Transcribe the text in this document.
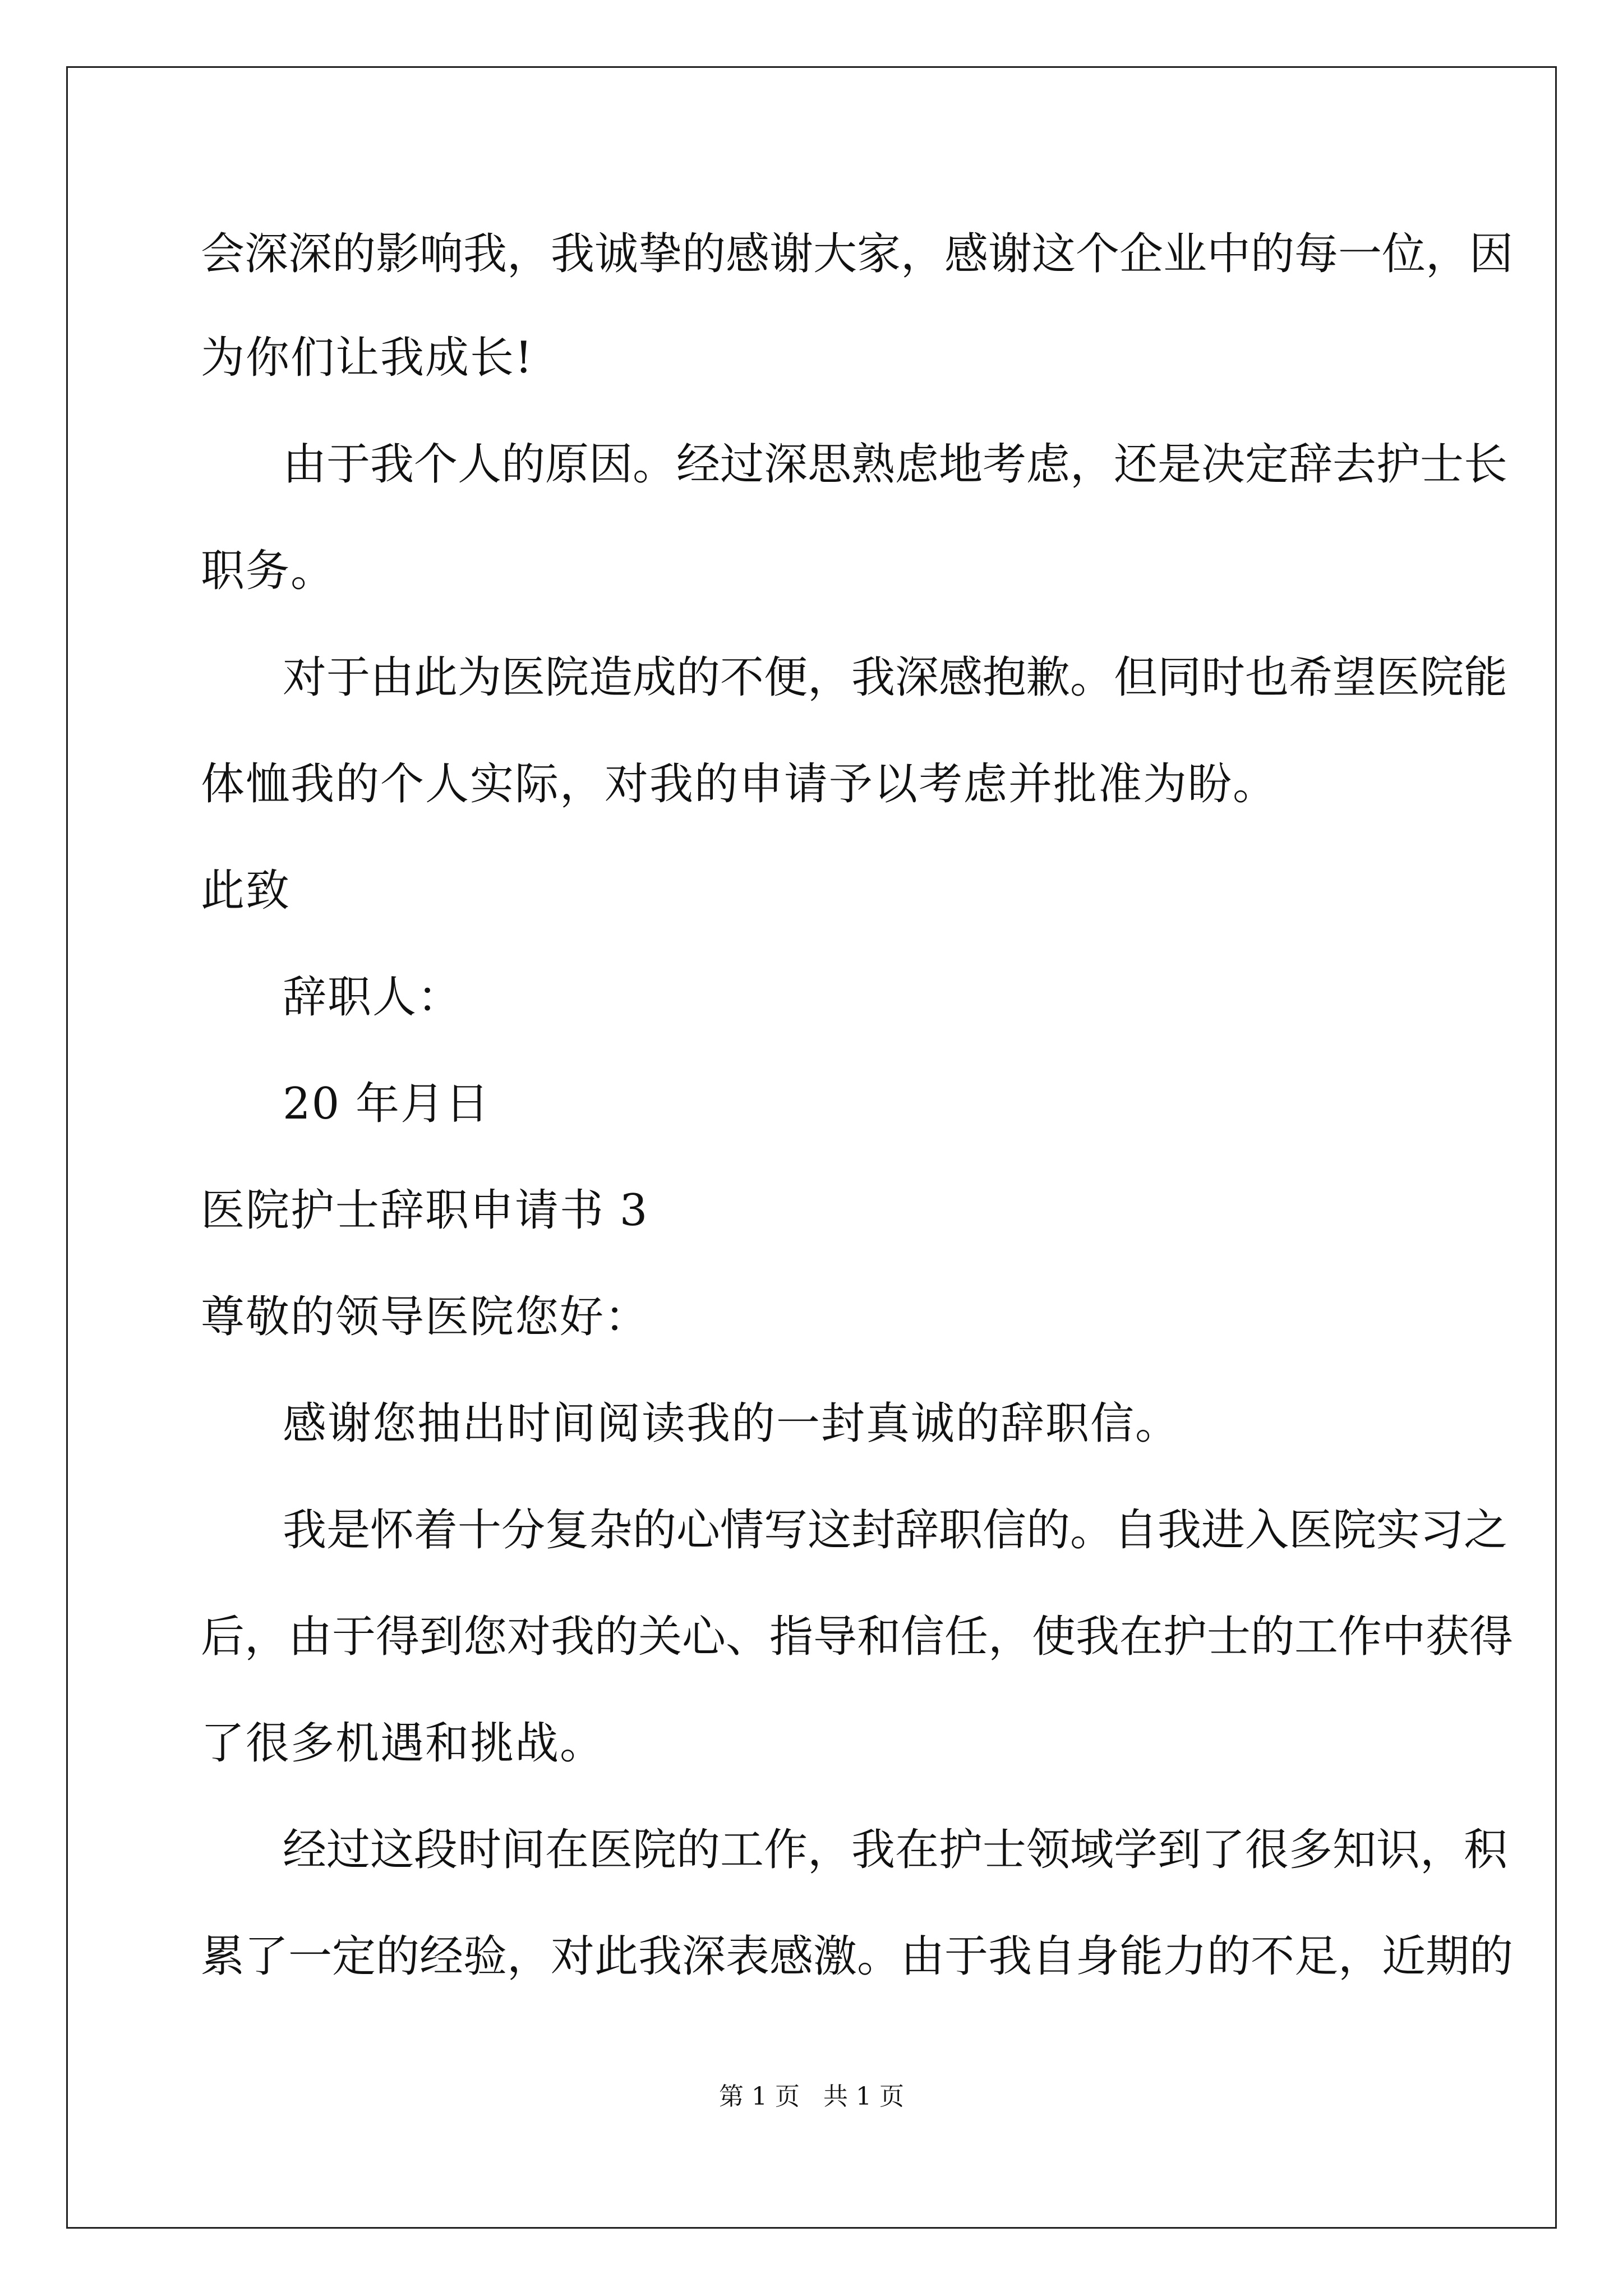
会深深的影响我，我诚挚的感谢大家，感谢这个企业中的每一位，因
为你们让我成长!
由于我个人的原因。经过深思熟虑地考虑，还是决定辞去护士长
职务。
对于由此为医院造成的不便，我深感抱歉。但同时也希望医院能
体恤我的个人实际，对我的申请予以考虑并批准为盼。
此致
辞职人：
20 年月日
医院护士辞职申请书 3
尊敬的领导医院您好：
感谢您抽出时间阅读我的一封真诚的辞职信。
我是怀着十分复杂的心情写这封辞职信的。自我进入医院实习之
后，由于得到您对我的关心、指导和信任，使我在护士的工作中获得
了很多机遇和挑战。
经过这段时间在医院的工作，我在护士领域学到了很多知识，积
累了一定的经验，对此我深表感激。由于我自身能力的不足，近期的
第 1 页 共 1 页
